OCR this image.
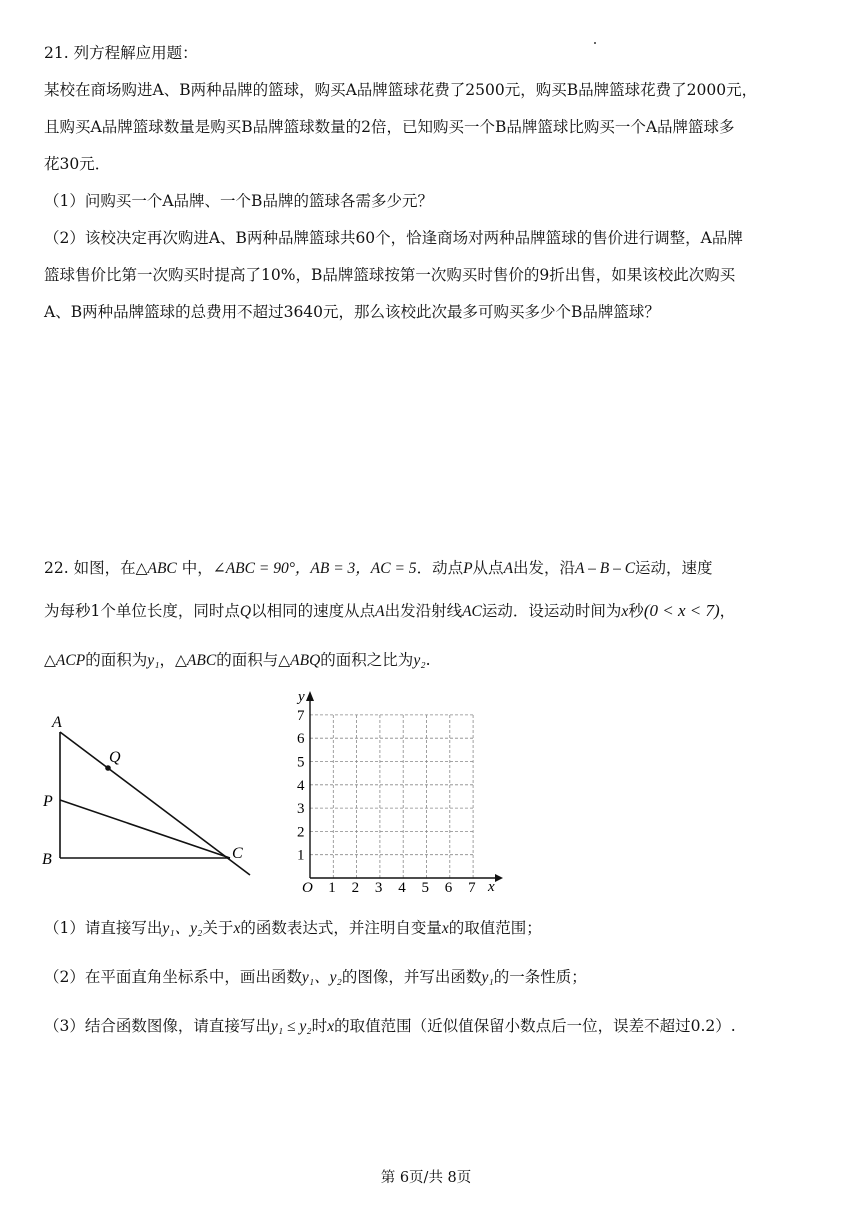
21. 列方程解应用题：
某校在商场购进A、B两种品牌的篮球，购买A品牌篮球花费了2500元，购买B品牌篮球花费了2000元，
且购买A品牌篮球数量是购买B品牌篮球数量的2倍，已知购买一个B品牌篮球比购买一个A品牌篮球多
花30元．
（1）问购买一个A品牌、一个B品牌的篮球各需多少元？
（2）该校决定再次购进A、B两种品牌篮球共60个，恰逢商场对两种品牌篮球的售价进行调整，A品牌
篮球售价比第一次购买时提高了10%，B品牌篮球按第一次购买时售价的9折出售，如果该校此次购买
A、B两种品牌篮球的总费用不超过3640元，那么该校此次最多可购买多少个B品牌篮球？
22. 如图，在△ABC 中，∠ABC = 90°，AB = 3，AC = 5．动点P从点A出发，沿A – B – C运动，速度
为每秒1个单位长度，同时点Q以相同的速度从点A出发沿射线AC运动．设运动时间为x秒(0 < x < 7)，
△ACP的面积为y₁，△ABC的面积与△ABQ的面积之比为y₂.
A
B	C
P
Q
1 2 3 4 5 6 7
1
2
3
4
5
6
7
O	x
y
（1）请直接写出y₁、y₂关于x的函数表达式，并注明自变量x的取值范围；
（2）在平面直角坐标系中，画出函数y₁、y₂的图像，并写出函数y₁的一条性质；
（3）结合函数图像，请直接写出y₁ ≤ y₂时x的取值范围（近似值保留小数点后一位，误差不超过0.2）.
第 6页/共 8页
